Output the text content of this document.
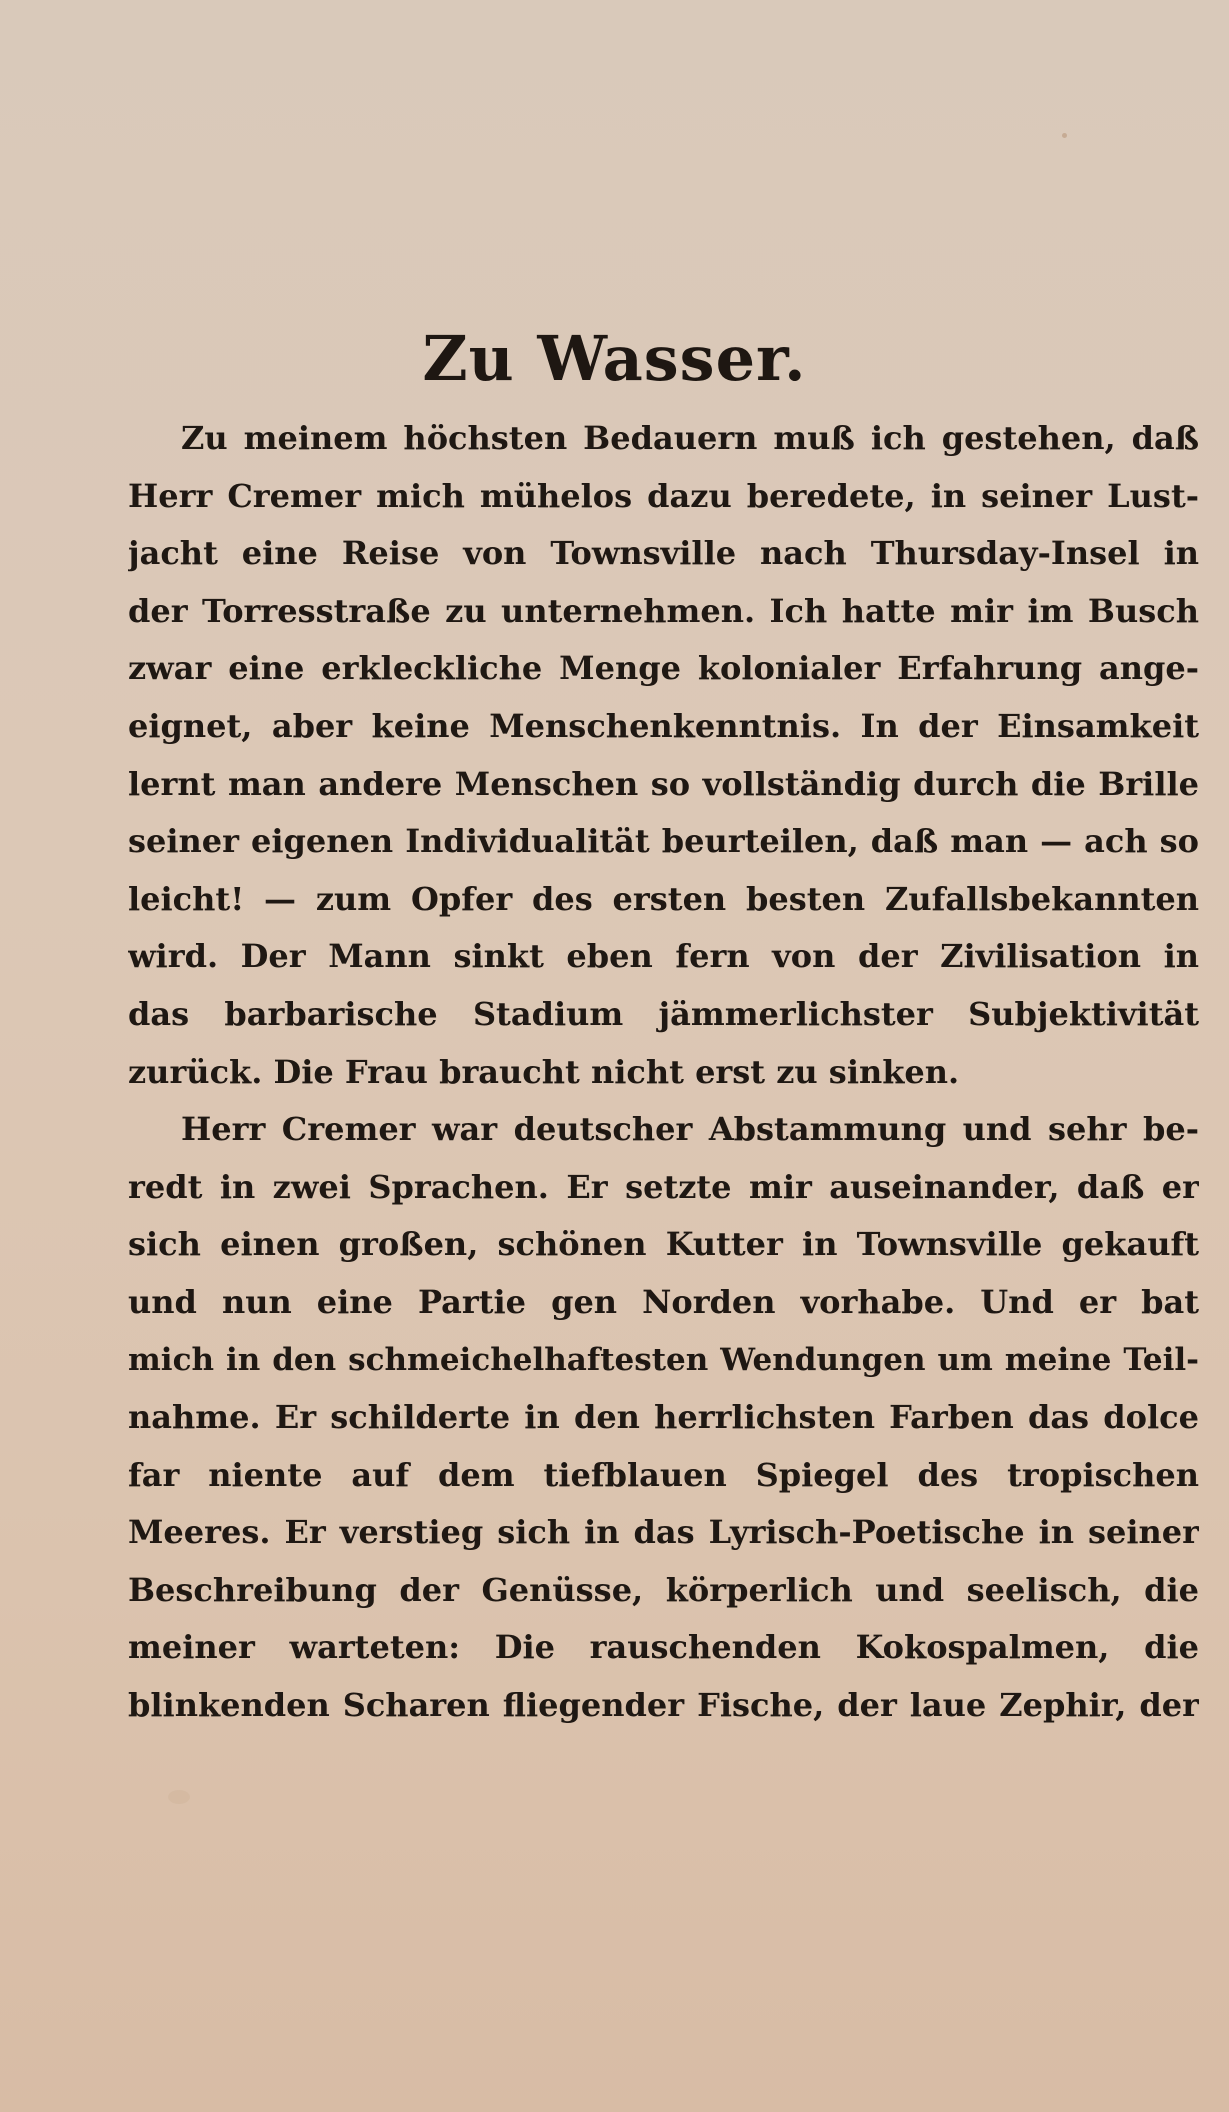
Zu Wasser.
Zu meinem höchsten Bedauern muß ich gestehen, daß
Herr Cremer mich mühelos dazu beredete, in seiner Lust-
jacht eine Reise von Townsville nach Thursday-Insel in
der Torresstraße zu unternehmen. Ich hatte mir im Busch
zwar eine erkleckliche Menge kolonialer Erfahrung ange-
eignet, aber keine Menschenkenntnis. In der Einsamkeit
lernt man andere Menschen so vollständig durch die Brille
seiner eigenen Individualität beurteilen, daß man — ach so
leicht! — zum Opfer des ersten besten Zufallsbekannten
wird. Der Mann sinkt eben fern von der Zivilisation in
das barbarische Stadium jämmerlichster Subjektivität
zurück. Die Frau braucht nicht erst zu sinken.
Herr Cremer war deutscher Abstammung und sehr be-
redt in zwei Sprachen. Er setzte mir auseinander, daß er
sich einen großen, schönen Kutter in Townsville gekauft
und nun eine Partie gen Norden vorhabe. Und er bat
mich in den schmeichelhaftesten Wendungen um meine Teil-
nahme. Er schilderte in den herrlichsten Farben das dolce
far niente auf dem tiefblauen Spiegel des tropischen
Meeres. Er verstieg sich in das Lyrisch-Poetische in seiner
Beschreibung der Genüsse, körperlich und seelisch, die
meiner warteten: Die rauschenden Kokospalmen, die
blinkenden Scharen fliegender Fische, der laue Zephir, der
